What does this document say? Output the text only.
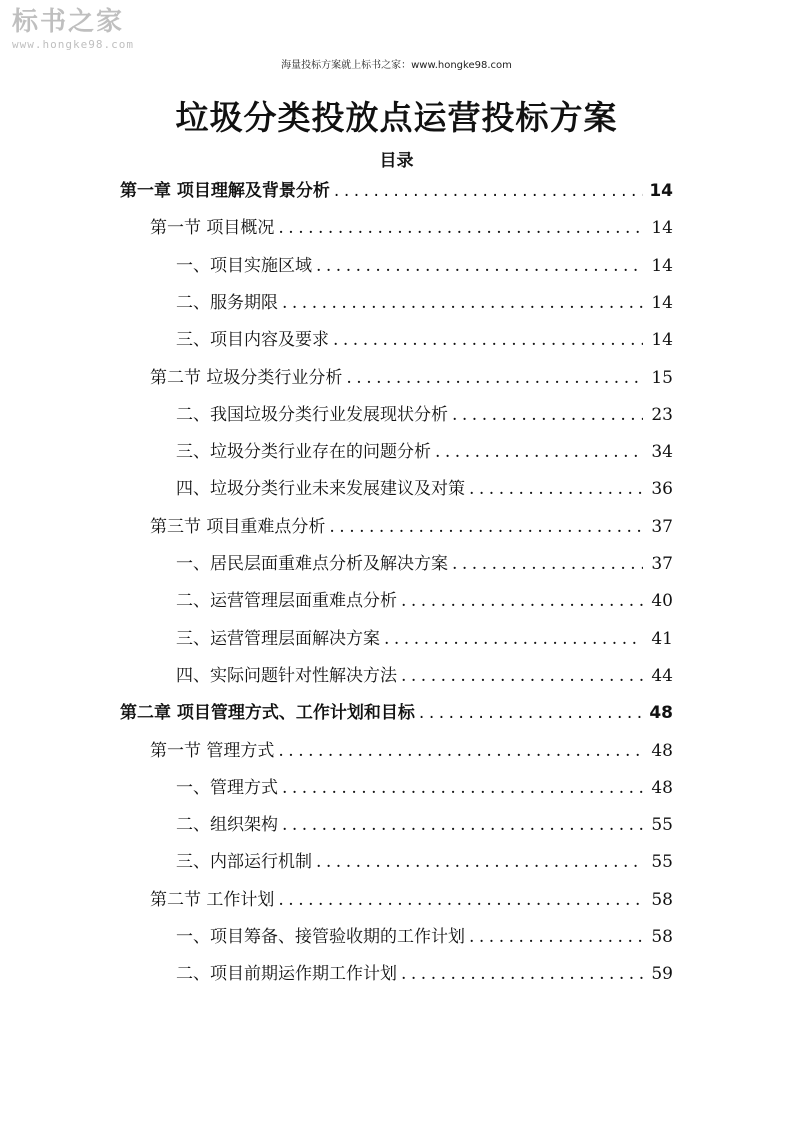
标书之家
www.hongke98.com
海量投标方案就上标书之家：www.hongke98.com
垃圾分类投放点运营投标方案
目录
第一章 项目理解及背景分析 .....	14
第一节 项目概况 .....	14
一、项目实施区域 .....	14
二、服务期限 .....	14
三、项目内容及要求 .....	14
第二节 垃圾分类行业分析 .....	15
二、我国垃圾分类行业发展现状分析 .....	23
三、垃圾分类行业存在的问题分析 .....	34
四、垃圾分类行业未来发展建议及对策 .....	36
第三节 项目重难点分析 .....	37
一、居民层面重难点分析及解决方案 .....	37
二、运营管理层面重难点分析 .....	40
三、运营管理层面解决方案 .....	41
四、实际问题针对性解决方法 .....	44
第二章 项目管理方式、工作计划和目标 .....	48
第一节 管理方式 .....	48
一、管理方式 .....	48
二、组织架构 .....	55
三、内部运行机制 .....	55
第二节 工作计划 .....	58
一、项目筹备、接管验收期的工作计划 .....	58
二、项目前期运作期工作计划 .....	59
